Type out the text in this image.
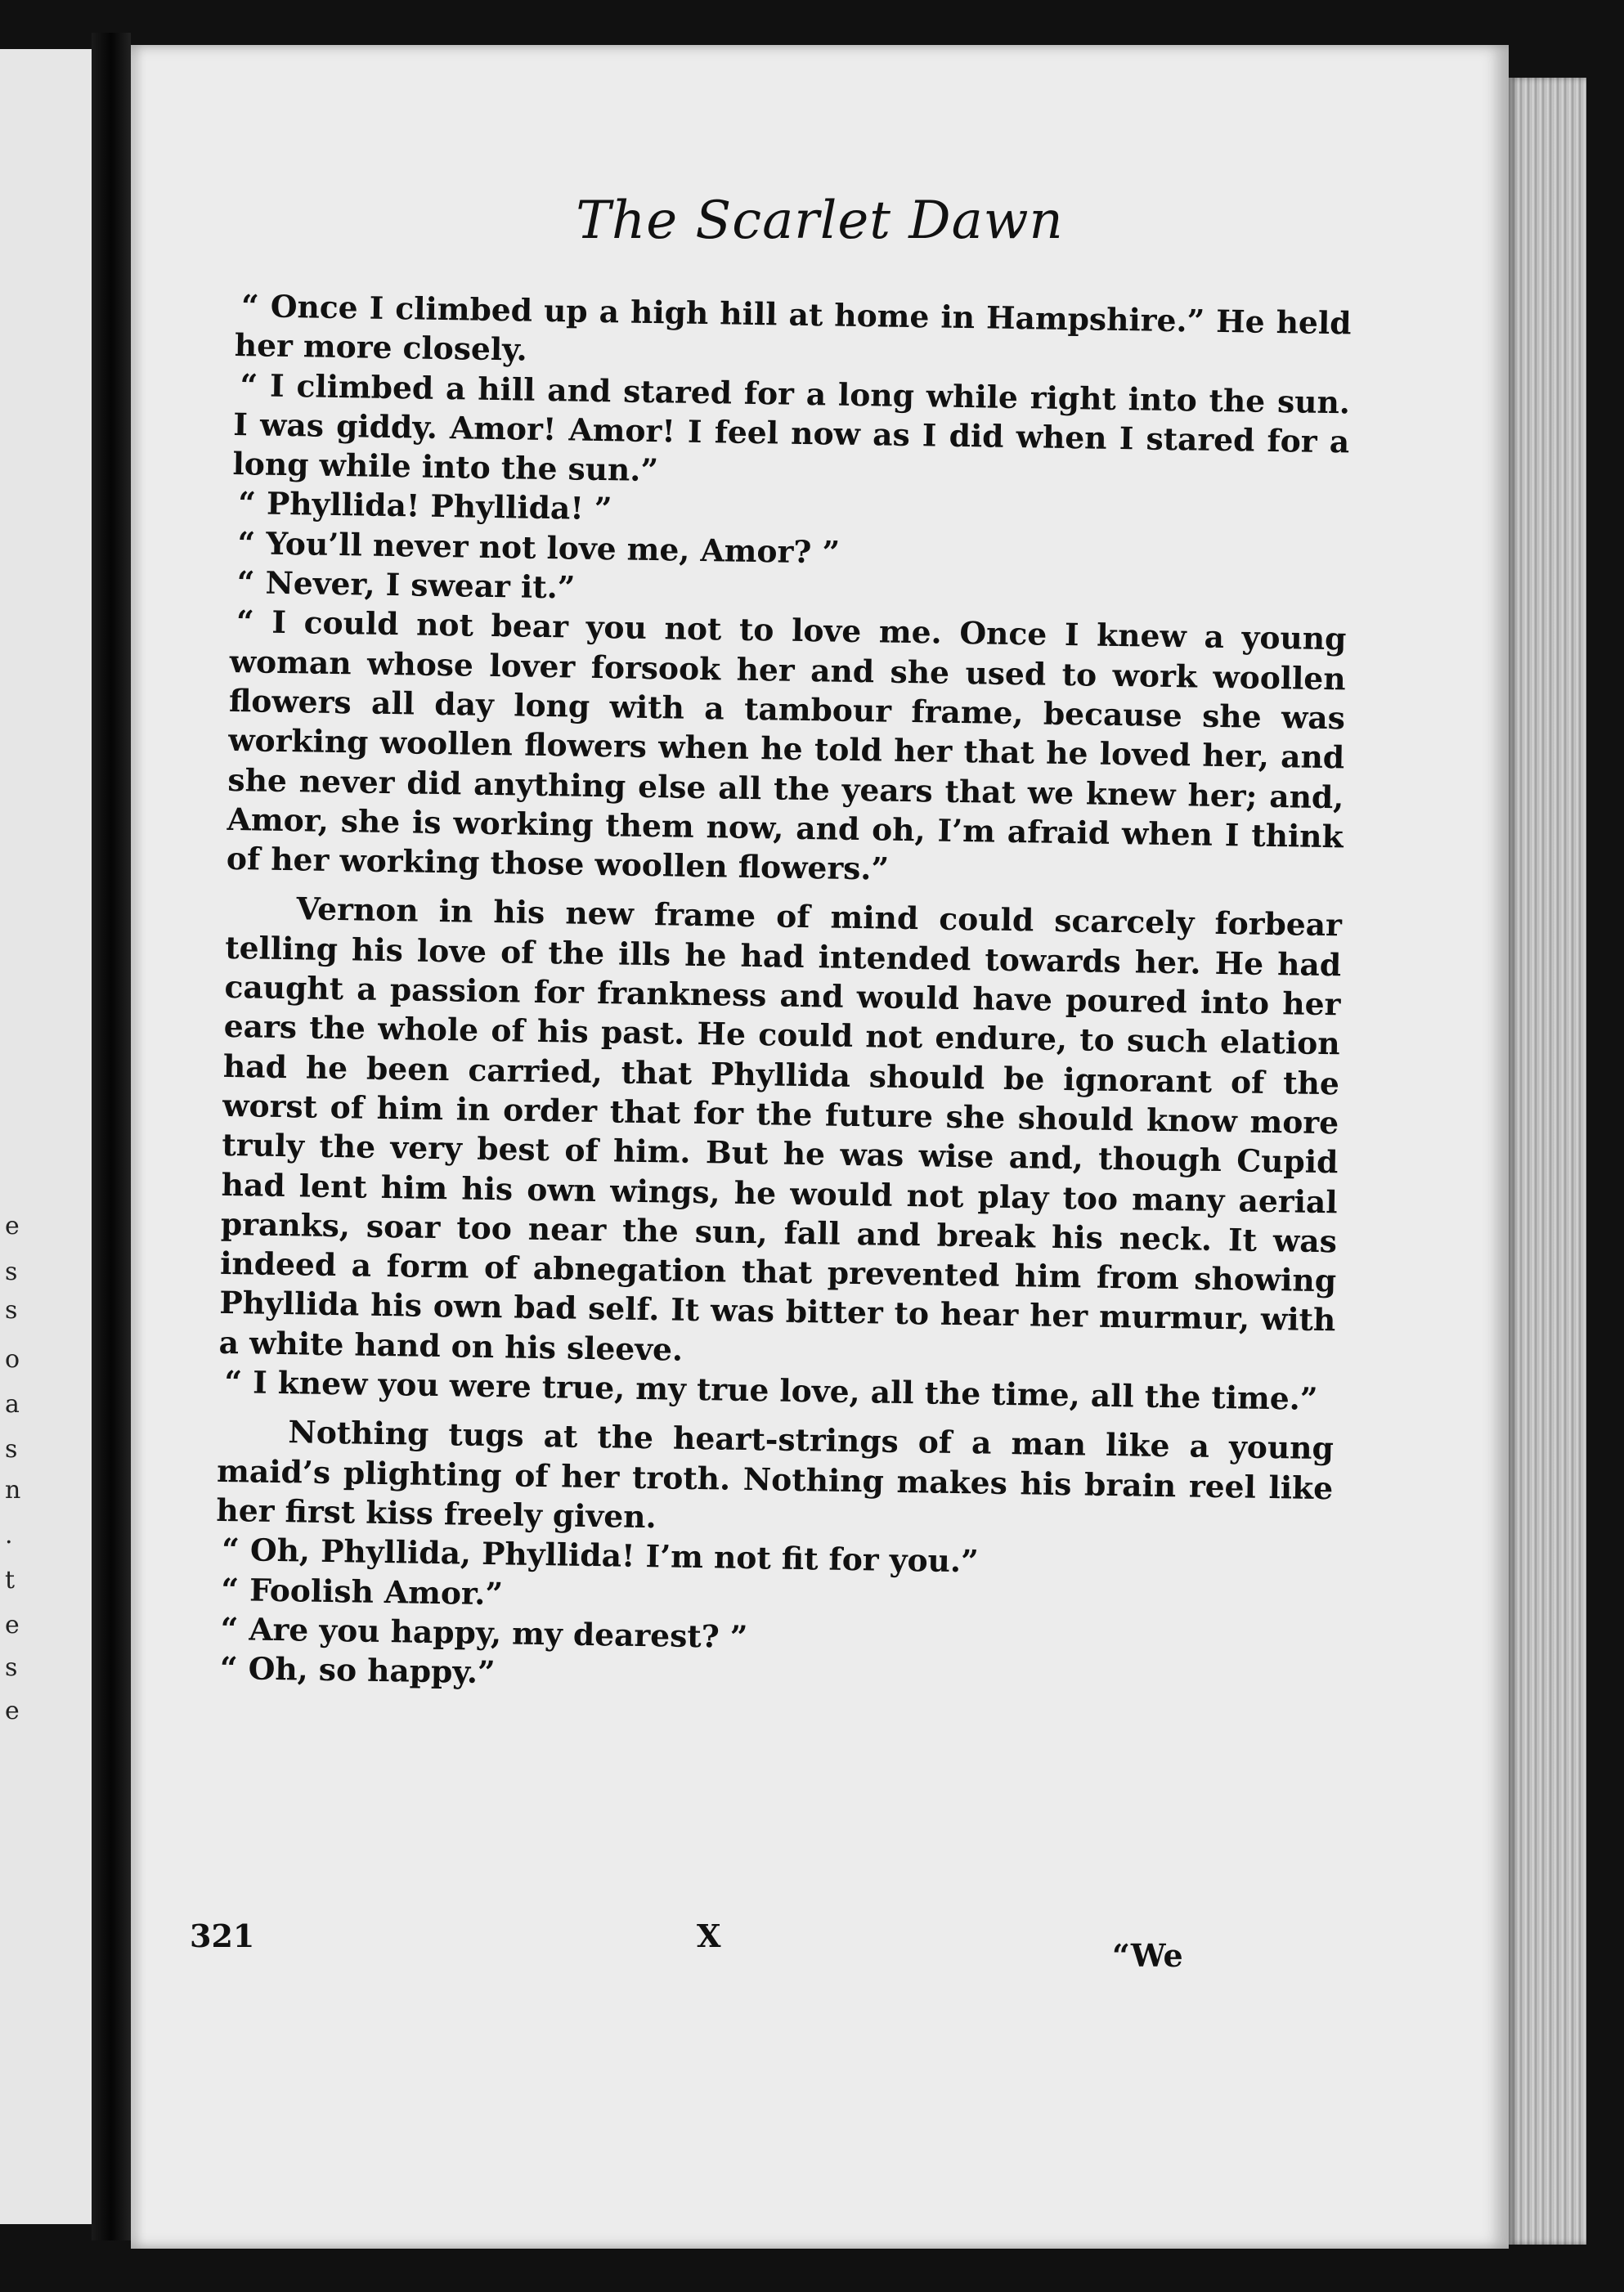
e
s
s
o
a
s
n
.
t
e
s
e
The Scarlet Dawn

“ Once I climbed up a high hill at home in Hampshire.” He held her more closely.

“ I climbed a hill and stared for a long while right into the sun. I was giddy. Amor! Amor! I feel now as I did when I stared for a long while into the sun.”

“ Phyllida! Phyllida! ”

“ You’ll never not love me, Amor? ”

“ Never, I swear it.”

“ I could not bear you not to love me. Once I knew a young woman whose lover forsook her and she used to work woollen flowers all day long with a tambour frame, because she was working woollen flowers when he told her that he loved her, and she never did anything else all the years that we knew her; and, Amor, she is working them now, and oh, I’m afraid when I think of her working those woollen flowers.”

Vernon in his new frame of mind could scarcely forbear telling his love of the ills he had intended towards her. He had caught a passion for frankness and would have poured into her ears the whole of his past. He could not endure, to such elation had he been carried, that Phyllida should be ignorant of the worst of him in order that for the future she should know more truly the very best of him. But he was wise and, though Cupid had lent him his own wings, he would not play too many aerial pranks, soar too near the sun, fall and break his neck. It was indeed a form of abnegation that prevented him from showing Phyllida his own bad self. It was bitter to hear her murmur, with a white hand on his sleeve.

“ I knew you were true, my true love, all the time, all the time.”

Nothing tugs at the heart-strings of a man like a young maid’s plighting of her troth. Nothing makes his brain reel like her first kiss freely given.

“ Oh, Phyllida, Phyllida! I’m not fit for you.”

“ Foolish Amor.”

“ Are you happy, my dearest? ”

“ Oh, so happy.”

321	X
“We
